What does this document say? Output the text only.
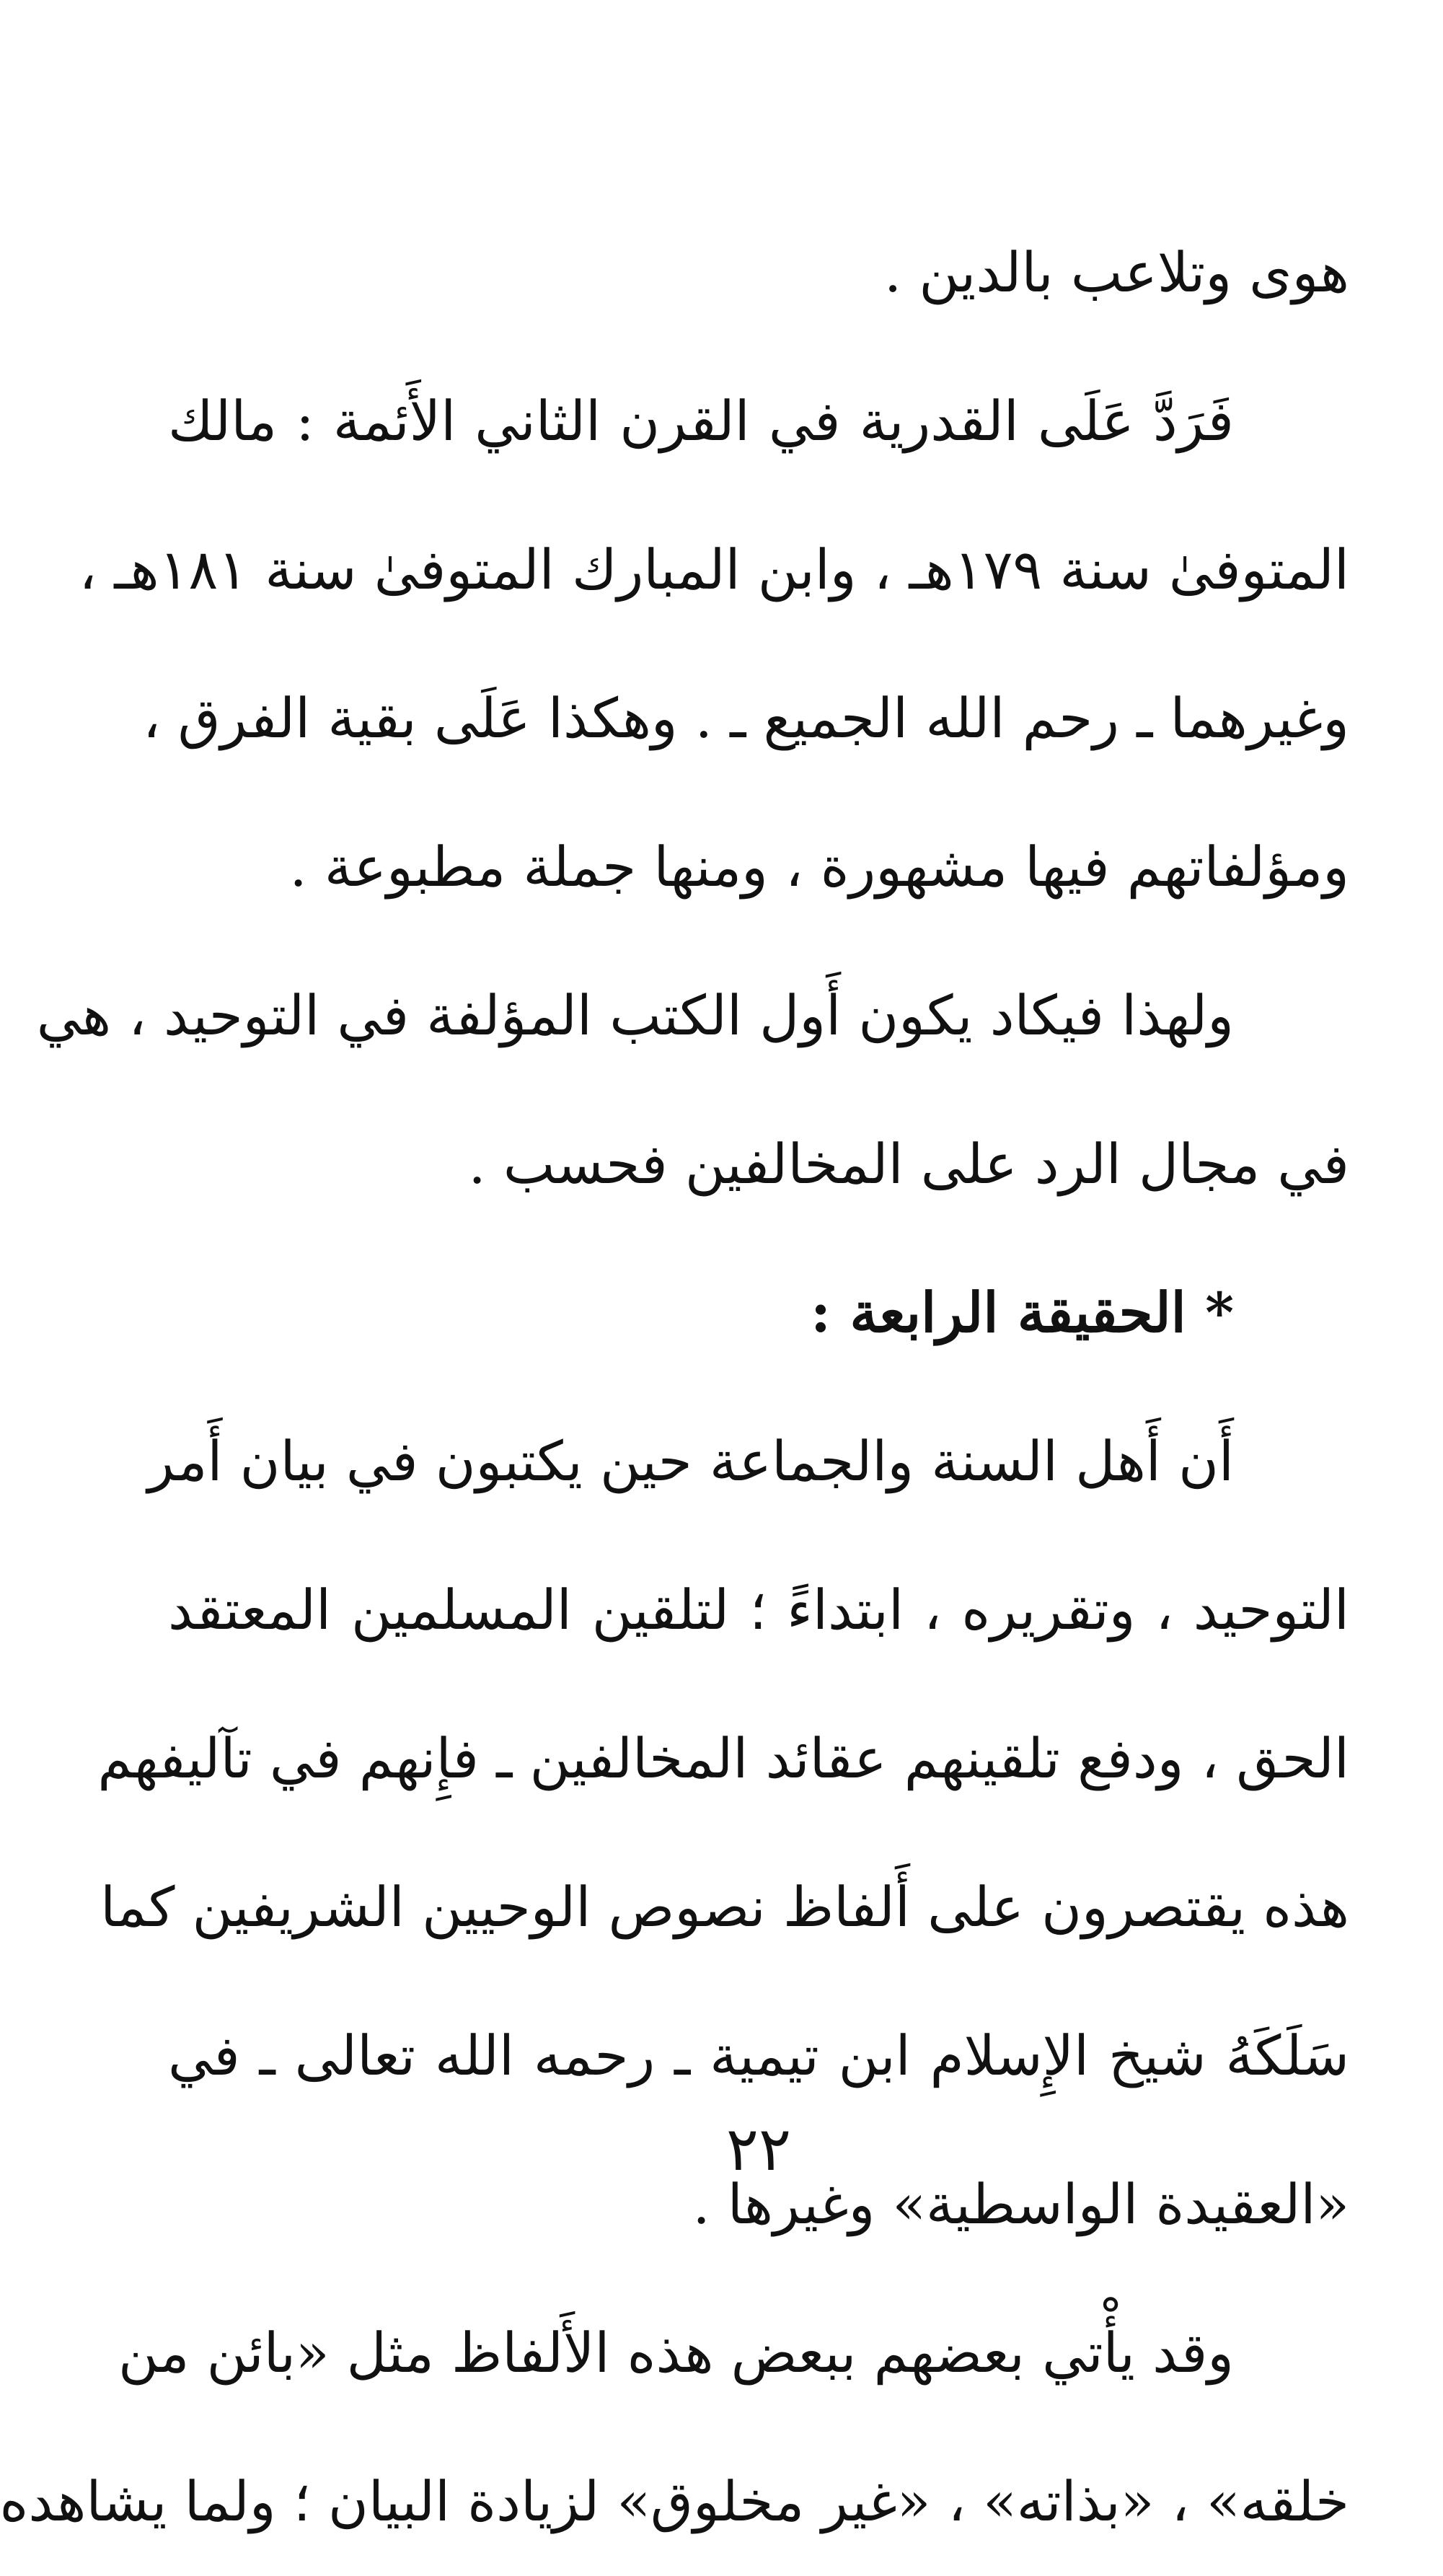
هوى وتلاعب بالدين .
فَرَدَّ عَلَى القدرية في القرن الثاني الأَئمة : مالك
المتوفىٰ سنة ١٧٩هـ ، وابن المبارك المتوفىٰ سنة ١٨١هـ ،
وغيرهما ـ رحم الله الجميع ـ . وهكذا عَلَى بقية الفرق ،
ومؤلفاتهم فيها مشهورة ، ومنها جملة مطبوعة .
ولهذا فيكاد يكون أَول الكتب المؤلفة في التوحيد ، هي
في مجال الرد على المخالفين فحسب .
* الحقيقة الرابعة :
أَن أَهل السنة والجماعة حين يكتبون في بيان أَمر
التوحيد ، وتقريره ، ابتداءً ؛ لتلقين المسلمين المعتقد
الحق ، ودفع تلقينهم عقائد المخالفين ـ فإِنهم في تآليفهم
هذه يقتصرون على أَلفاظ نصوص الوحيين الشريفين كما
سَلَكَهُ شيخ الإِسلام ابن تيمية ـ رحمه الله تعالى ـ في
«العقيدة الواسطية» وغيرها .
وقد يأْتي بعضهم ببعض هذه الأَلفاظ مثل «بائن من
خلقه» ، «بذاته» ، «غير مخلوق» لزيادة البيان ؛ ولما يشاهده
٢٢
